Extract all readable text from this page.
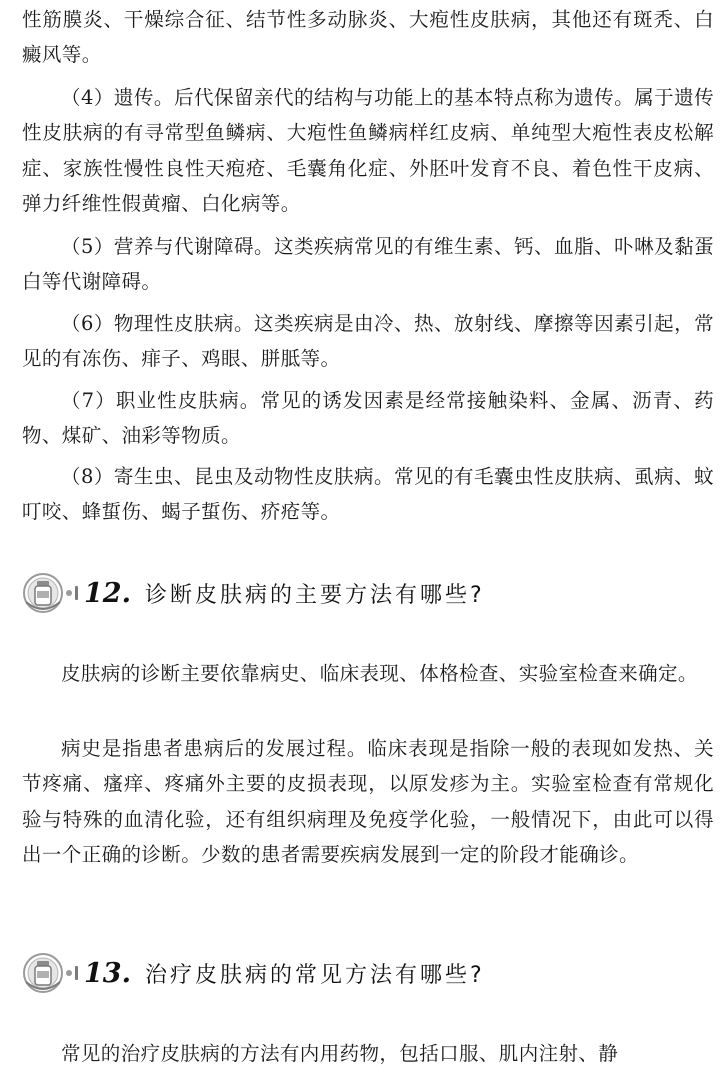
性筋膜炎、干燥综合征、结节性多动脉炎、大疱性皮肤病，其他还有斑秃、白癜风等。

（4）遗传。后代保留亲代的结构与功能上的基本特点称为遗传。属于遗传性皮肤病的有寻常型鱼鳞病、大疱性鱼鳞病样红皮病、单纯型大疱性表皮松解症、家族性慢性良性天疱疮、毛囊角化症、外胚叶发育不良、着色性干皮病、弹力纤维性假黄瘤、白化病等。

（5）营养与代谢障碍。这类疾病常见的有维生素、钙、血脂、卟啉及黏蛋白等代谢障碍。

（6）物理性皮肤病。这类疾病是由冷、热、放射线、摩擦等因素引起，常见的有冻伤、痱子、鸡眼、胼胝等。

（7）职业性皮肤病。常见的诱发因素是经常接触染料、金属、沥青、药物、煤矿、油彩等物质。

（8）寄生虫、昆虫及动物性皮肤病。常见的有毛囊虫性皮肤病、虱病、蚊叮咬、蜂蜇伤、蝎子蜇伤、疥疮等。

12. 诊断皮肤病的主要方法有哪些?

皮肤病的诊断主要依靠病史、临床表现、体格检查、实验室检查来确定。

病史是指患者患病后的发展过程。临床表现是指除一般的表现如发热、关节疼痛、瘙痒、疼痛外主要的皮损表现，以原发疹为主。实验室检查有常规化验与特殊的血清化验，还有组织病理及免疫学化验，一般情况下，由此可以得出一个正确的诊断。少数的患者需要疾病发展到一定的阶段才能确诊。

13. 治疗皮肤病的常见方法有哪些?

常见的治疗皮肤病的方法有内用药物，包括口服、肌内注射、静
